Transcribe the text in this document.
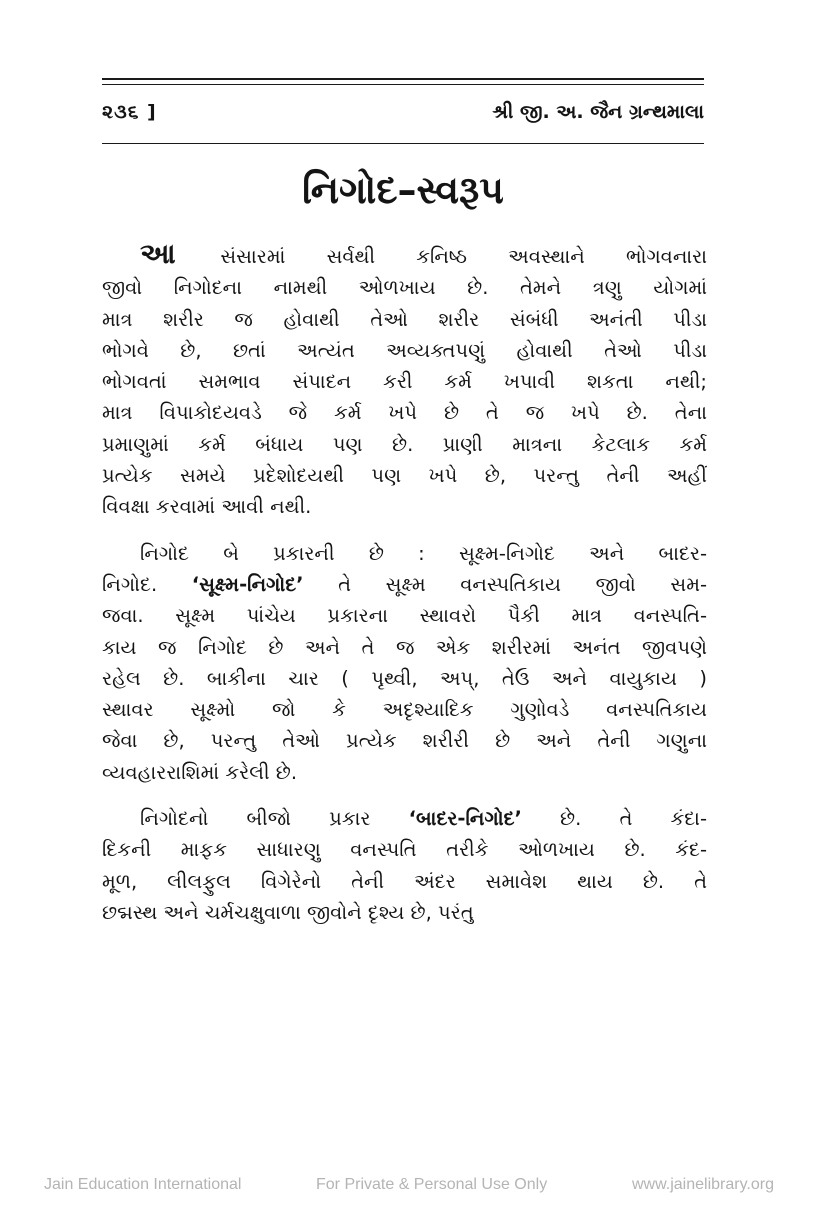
૨૩૬ ]	શ્રી જી. અ. જૈન ગ્રન્થમાલા
નિગોદ–સ્વરૂપ

આ સંસારમાં સર્વથી કનિષ્ઠ અવસ્થાને ભોગવનારા
જીવો નિગોદના નામથી ઓળખાય છે. તેમને ત્રણુ યોગમાં
માત્ર શરીર જ હોવાથી તેઓ શરીર સંબંધી અનંતી પીડા
ભોગવે છે, છતાં અત્યંત અવ્યક્તપણું હોવાથી તેઓ પીડા
ભોગવતાં સમભાવ સંપાદન કરી કર્મ ખપાવી શકતા નથી;
માત્ર વિપાકોદયવડે જે કર્મ ખપે છે તે જ ખપે છે. તેના
પ્રમાણુમાં કર્મ બંધાય પણ છે. પ્રાણી માત્રના કેટલાક કર્મ
પ્રત્યેક સમયે પ્રદેશોદયથી પણ ખપે છે, પરન્તુ તેની અહીં
વિવક્ષા કરવામાં આવી નથી.

નિગોદ બે પ્રકારની છે : સૂક્ષ્મ-નિગોદ અને બાદર-
નિગોદ. ‘સૂક્ષ્મ-નિગોદ’ તે સૂક્ષ્મ વનસ્પતિકાય જીવો સમ-
જવા. સૂક્ષ્મ પાંચેય પ્રકારના સ્થાવરો પૈકી માત્ર વનસ્પતિ-
કાય જ નિગોદ છે અને તે જ એક શરીરમાં અનંત જીવપણે
રહેલ છે. બાકીના ચાર ( પૃથ્વી, અપ્, તેઉ અને વાયુકાય )
સ્થાવર સૂક્ષ્મો જો કે અદૃશ્યાદિક ગુણોવડે વનસ્પતિકાય
જેવા છે, પરન્તુ તેઓ પ્રત્યેક શરીરી છે અને તેની ગણુના
વ્યવહારરાશિમાં કરેલી છે.

નિગોદનો બીજો પ્રકાર ‘બાદર-નિગોદ’ છે. તે કંદા-
દિકની માફક સાધારણુ વનસ્પતિ તરીકે ઓળખાય છે. કંદ-
મૂળ, લીલફુલ વિગેરેનો તેની અંદર સમાવેશ થાય છે. તે
છદ્મસ્થ અને ચર્મચક્ષુવાળા જીવોને દૃશ્ય છે, પરંતુ

Jain Education International	For Private & Personal Use Only	www.jainelibrary.org
